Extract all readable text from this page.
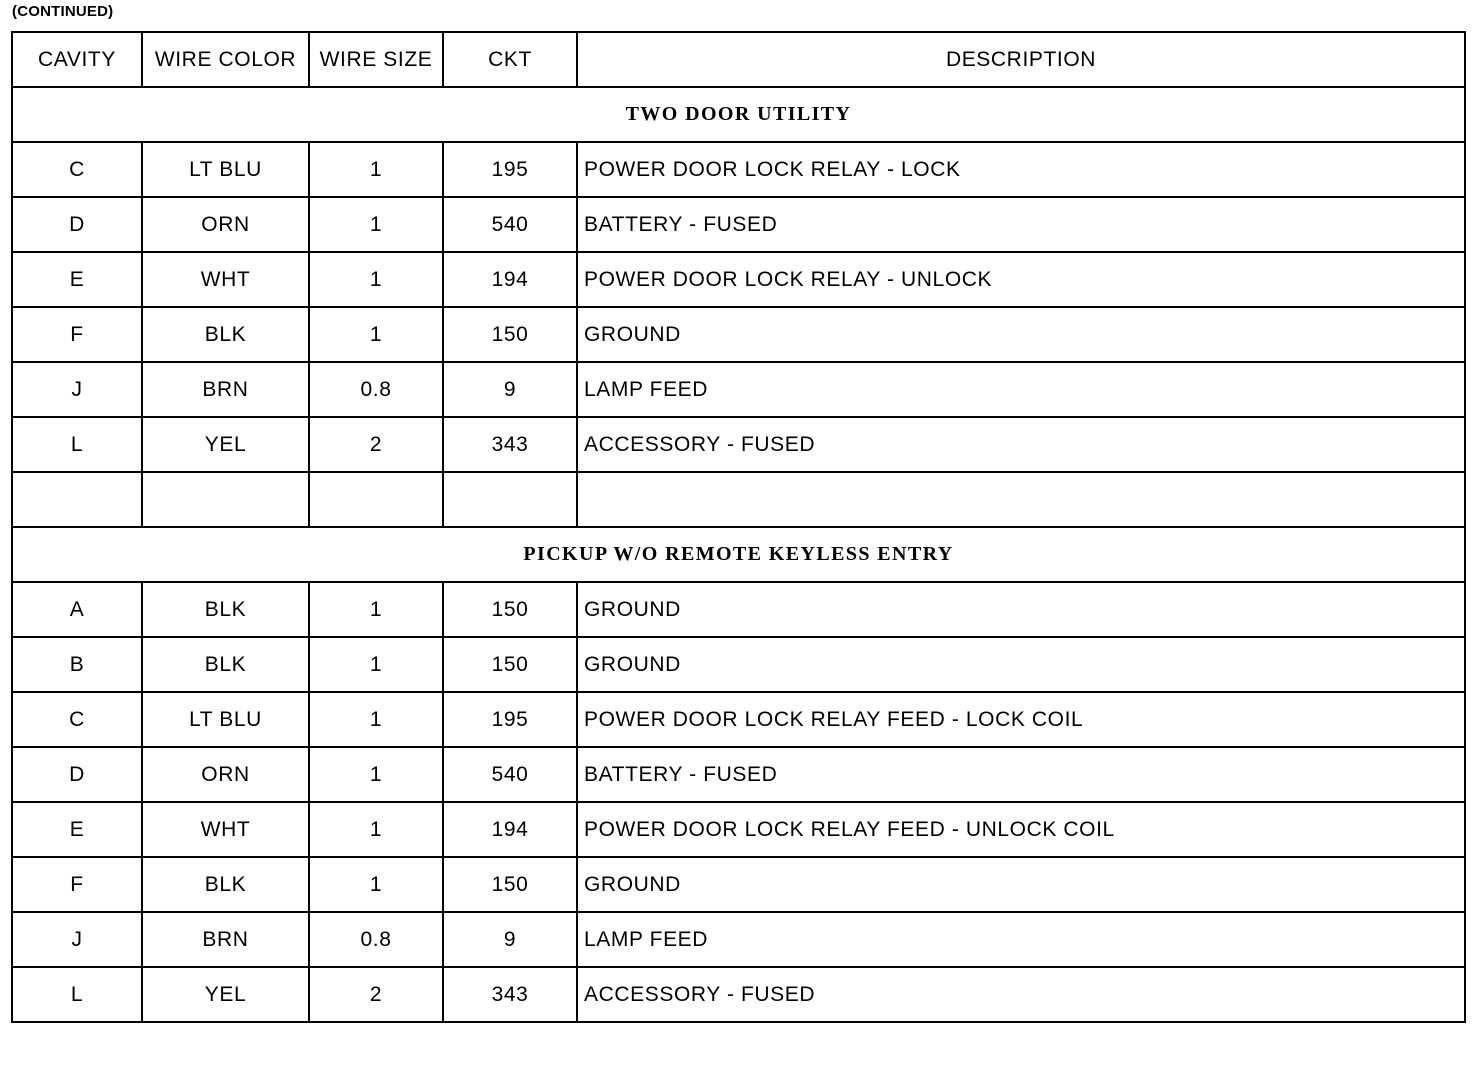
(CONTINUED)
CAVITY	WIRE COLOR	WIRE SIZE	CKT	DESCRIPTION
TWO DOOR UTILITY				
C	LT BLU	1	195	POWER DOOR LOCK RELAY - LOCK
D	ORN	1	540	BATTERY - FUSED
E	WHT	1	194	POWER DOOR LOCK RELAY - UNLOCK
F	BLK	1	150	GROUND
J	BRN	0.8	9	LAMP FEED
L	YEL	2	343	ACCESSORY - FUSED

PICKUP W/O REMOTE KEYLESS ENTRY				
A	BLK	1	150	GROUND
B	BLK	1	150	GROUND
C	LT BLU	1	195	POWER DOOR LOCK RELAY FEED - LOCK COIL
D	ORN	1	540	BATTERY - FUSED
E	WHT	1	194	POWER DOOR LOCK RELAY FEED - UNLOCK COIL
F	BLK	1	150	GROUND
J	BRN	0.8	9	LAMP FEED
L	YEL	2	343	ACCESSORY - FUSED
